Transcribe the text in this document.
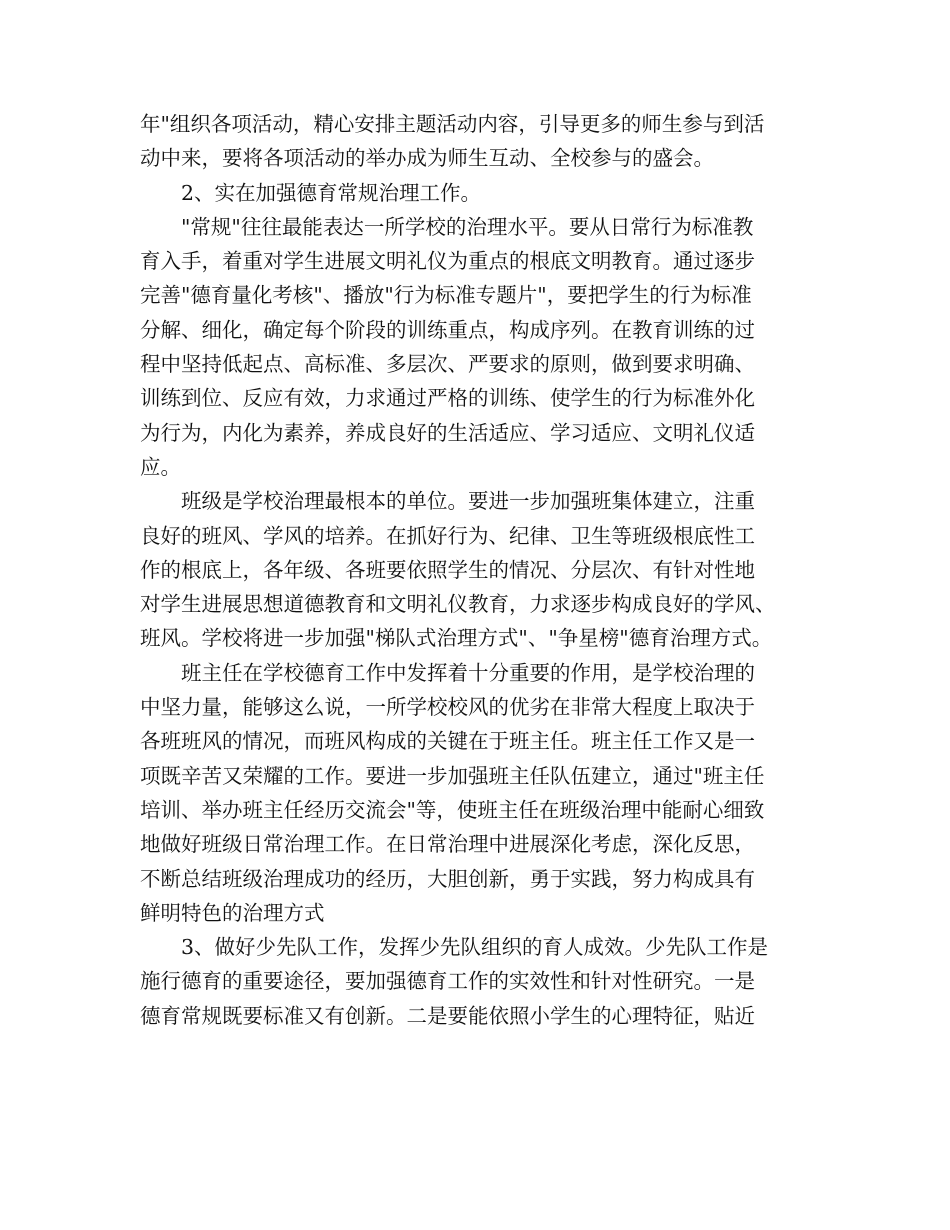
年"组织各项活动，精心安排主题活动内容，引导更多的师生参与到活
动中来，要将各项活动的举办成为师生互动、全校参与的盛会。
2、实在加强德育常规治理工作。
"常规"往往最能表达一所学校的治理水平。要从日常行为标准教
育入手，着重对学生进展文明礼仪为重点的根底文明教育。通过逐步
完善"德育量化考核"、播放"行为标准专题片"，要把学生的行为标准
分解、细化，确定每个阶段的训练重点，构成序列。在教育训练的过
程中坚持低起点、高标准、多层次、严要求的原则，做到要求明确、
训练到位、反应有效，力求通过严格的训练、使学生的行为标准外化
为行为，内化为素养，养成良好的生活适应、学习适应、文明礼仪适
应。
班级是学校治理最根本的单位。要进一步加强班集体建立，注重
良好的班风、学风的培养。在抓好行为、纪律、卫生等班级根底性工
作的根底上，各年级、各班要依照学生的情况、分层次、有针对性地
对学生进展思想道德教育和文明礼仪教育，力求逐步构成良好的学风、
班风。学校将进一步加强"梯队式治理方式"、"争星榜"德育治理方式。
班主任在学校德育工作中发挥着十分重要的作用，是学校治理的
中坚力量，能够这么说，一所学校校风的优劣在非常大程度上取决于
各班班风的情况，而班风构成的关键在于班主任。班主任工作又是一
项既辛苦又荣耀的工作。要进一步加强班主任队伍建立，通过"班主任
培训、举办班主任经历交流会"等，使班主任在班级治理中能耐心细致
地做好班级日常治理工作。在日常治理中进展深化考虑，深化反思，
不断总结班级治理成功的经历，大胆创新，勇于实践，努力构成具有
鲜明特色的治理方式
3、做好少先队工作，发挥少先队组织的育人成效。少先队工作是
施行德育的重要途径，要加强德育工作的实效性和针对性研究。一是
德育常规既要标准又有创新。二是要能依照小学生的心理特征，贴近
